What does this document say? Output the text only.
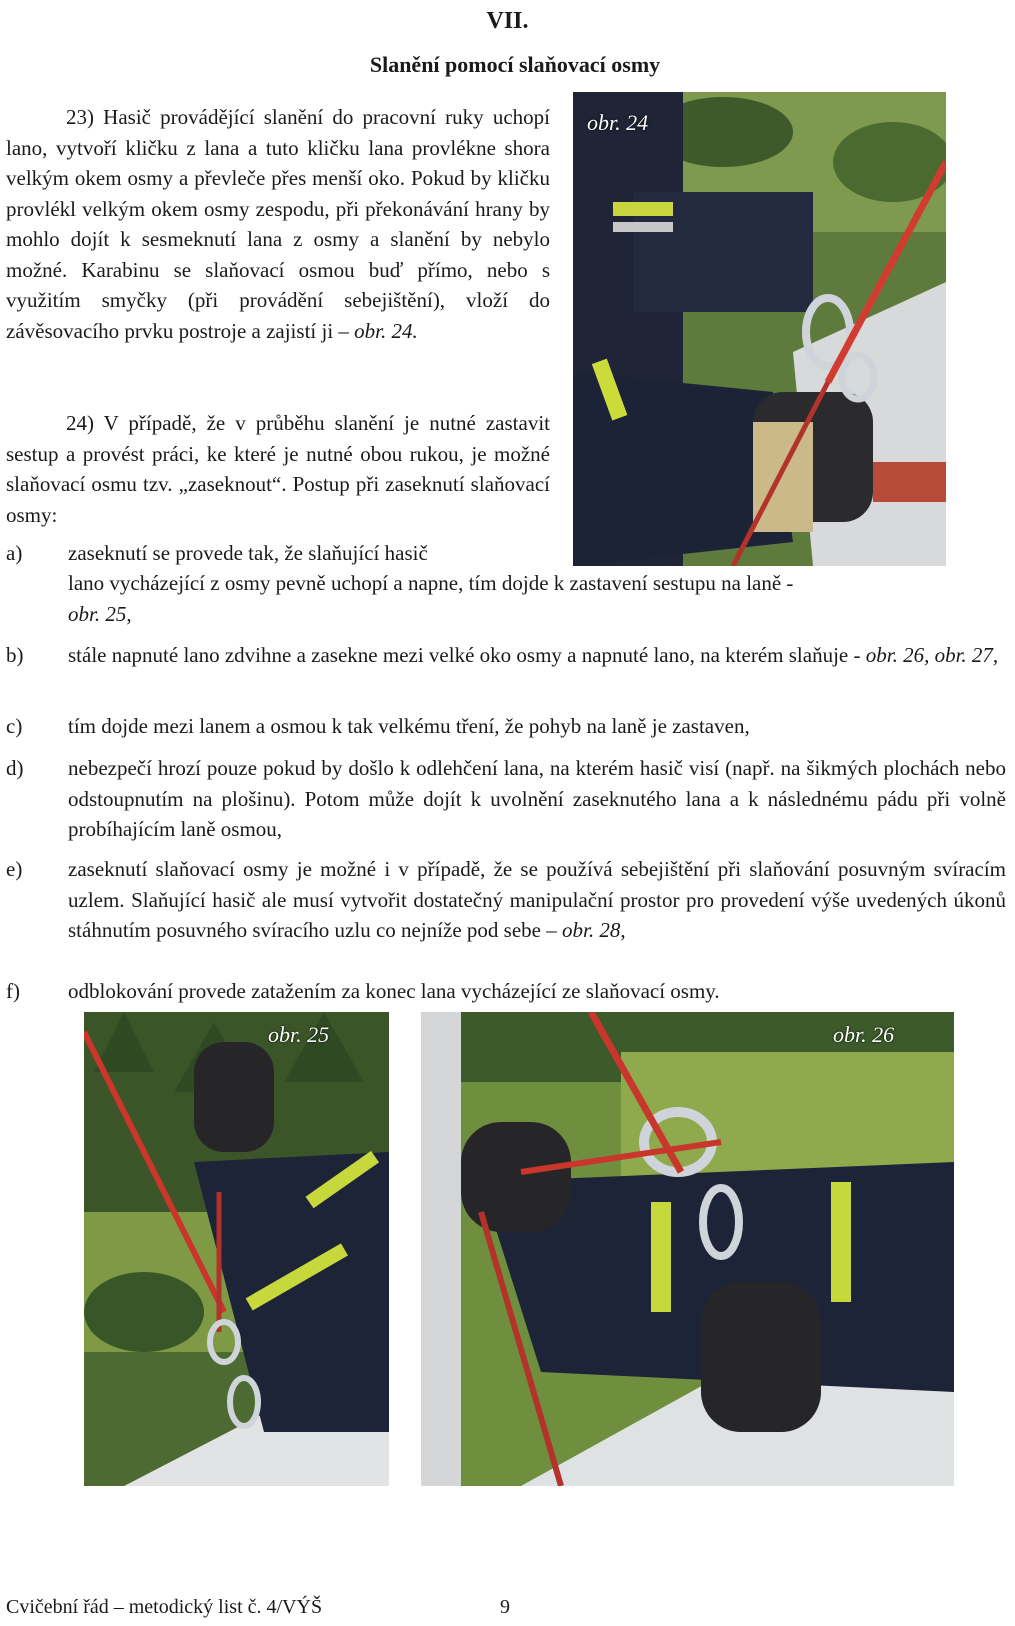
VII.
Slanění pomocí slaňovací osmy

23) Hasič provádějící slanění do pracovní ruky uchopí lano, vytvoří kličku z lana a tuto kličku lana provlékne shora velkým okem osmy a převleče přes menší oko. Pokud by kličku provlékl velkým okem osmy zespodu, při překonávání hrany by mohlo dojít k sesmeknutí lana z osmy a slanění by nebylo možné. Karabinu se slaňovací osmou buď přímo, nebo s využitím smyčky (při provádění sebejištění), vloží do závěsovacího prvku postroje a zajistí ji – obr. 24.

24) V případě, že v průběhu slanění je nutné zastavit sestup a provést práci, ke které je nutné obou rukou, je možné slaňovací osmu tzv. „zaseknout“. Postup při zaseknutí slaňovací osmy:

obr. 24
a) zaseknutí se provede tak, že slaňující hasič

lano vycházející z osmy pevně uchopí a napne, tím dojde k zastavení sestupu na laně -
obr. 25,

b) stále napnuté lano zdvihne a zasekne mezi velké oko osmy a napnuté lano, na kterém slaňuje - obr. 26, obr. 27,

c) tím dojde mezi lanem a osmou k tak velkému tření, že pohyb na laně je zastaven,

d) nebezpečí hrozí pouze pokud by došlo k odlehčení lana, na kterém hasič visí (např. na šikmých plochách nebo odstoupnutím na plošinu). Potom může dojít k uvolnění zaseknutého lana a k následnému pádu při volně probíhajícím laně osmou,

e) zaseknutí slaňovací osmy je možné i v případě, že se používá sebejištění při slaňování posuvným svíracím uzlem. Slaňující hasič ale musí vytvořit dostatečný manipulační prostor pro provedení výše uvedených úkonů stáhnutím posuvného svíracího uzlu co nejníže pod sebe – obr. 28,

f) odblokování provede zatažením za konec lana vycházející ze slaňovací osmy.

obr. 25	obr. 26
Cvičební řád – metodický list č. 4/VÝŠ	9
